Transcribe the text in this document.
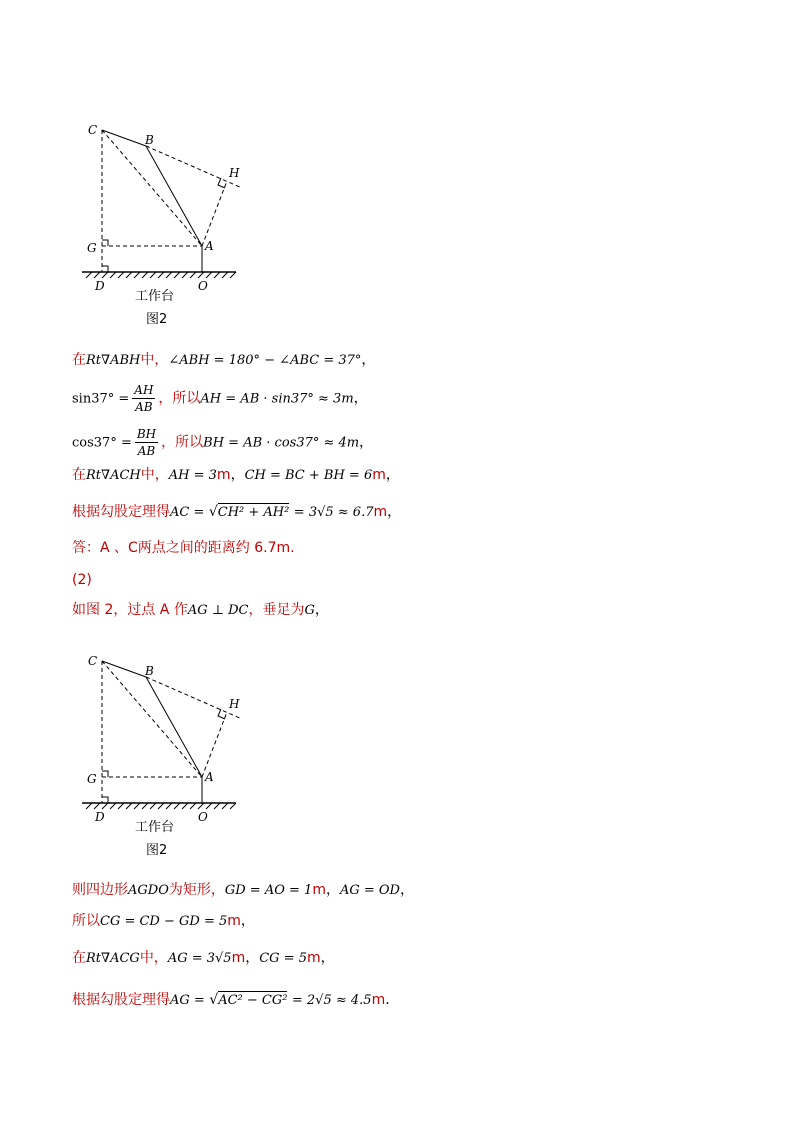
C
B
H
G	A
D	O
工作台
图2
在Rt∇ABH中，∠ABH = 180° − ∠ABC = 37°，
$\sin 37^\circ = \frac{AH}{AB}$ ，所以AH = AB · sin37° ≈ 3m，
$\cos 37^\circ = \frac{BH}{AB}$ ，所以BH = AB · cos37° ≈ 4m，
在Rt∇ACH中，AH = 3m，CH = BC + BH = 6m，
根据勾股定理得AC = √CH² + AH² = 3√5 ≈ 6.7m，
答：A 、C两点之间的距离约 6.7m.
(2)
如图 2，过点 A 作AG ⊥ DC，垂足为G，
C
B
H
G	A
D	O
工作台
图2
则四边形AGDO为矩形，GD = AO = 1m，AG = OD，
所以CG = CD − GD = 5m，
在Rt∇ACG中，AG = 3√5m，CG = 5m，
根据勾股定理得AG = √AC² − CG² = 2√5 ≈ 4.5m.
